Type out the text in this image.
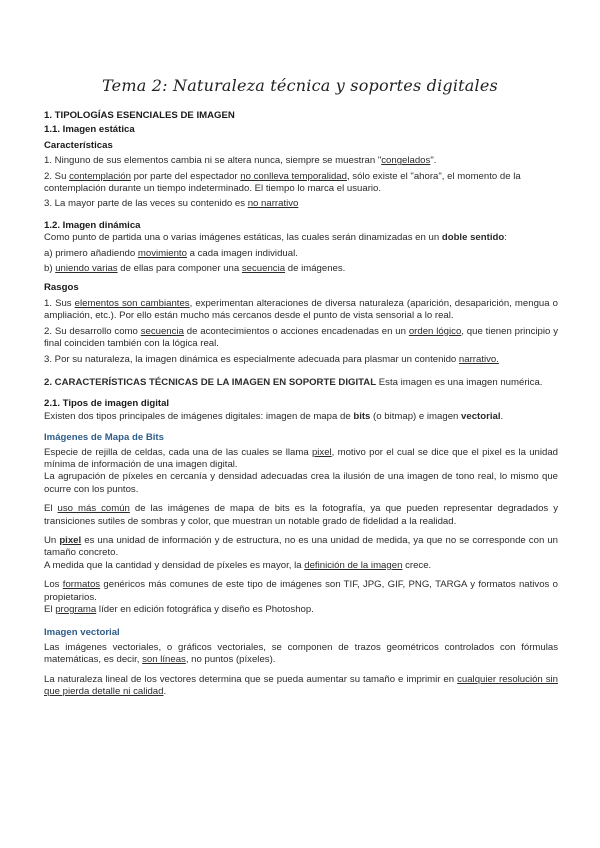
Tema 2: Naturaleza técnica y soportes digitales

1. TIPOLOGÍAS ESENCIALES DE IMAGEN

1.1. Imagen estática

Características

1. Ninguno de sus elementos cambia ni se altera nunca, siempre se muestran "congelados".

2. Su contemplación por parte del espectador no conlleva temporalidad, sólo existe el "ahora", el momento de la contemplación durante un tiempo indeterminado. El tiempo lo marca el usuario.

3. La mayor parte de las veces su contenido es no narrativo

1.2. Imagen dinámica

Como punto de partida una o varias imágenes estáticas, las cuales serán dinamizadas en un doble sentido:

a) primero añadiendo movimiento a cada imagen individual.

b) uniendo varias de ellas para componer una secuencia de imágenes.

Rasgos

1. Sus elementos son cambiantes, experimentan alteraciones de diversa naturaleza (aparición, desaparición, mengua o ampliación, etc.). Por ello están mucho más cercanos desde el punto de vista sensorial a lo real.

2. Su desarrollo como secuencia de acontecimientos o acciones encadenadas en un orden lógico, que tienen principio y final coinciden también con la lógica real.

3. Por su naturaleza, la imagen dinámica es especialmente adecuada para plasmar un contenido narrativo.

2. CARACTERÍSTICAS TÉCNICAS DE LA IMAGEN EN SOPORTE DIGITAL Esta imagen es una imagen numérica.

2.1. Tipos de imagen digital

Existen dos tipos principales de imágenes digitales: imagen de mapa de bits (o bitmap) e imagen vectorial.

Imágenes de Mapa de Bits

Especie de rejilla de celdas, cada una de las cuales se llama pixel, motivo por el cual se dice que el pixel es la unidad mínima de información de una imagen digital.

La agrupación de píxeles en cercanía y densidad adecuadas crea la ilusión de una imagen de tono real, lo mismo que ocurre con los puntos.

El uso más común de las imágenes de mapa de bits es la fotografía, ya que pueden representar degradados y transiciones sutiles de sombras y color, que muestran un notable grado de fidelidad a la realidad.

Un pixel es una unidad de información y de estructura, no es una unidad de medida, ya que no se corresponde con un tamaño concreto.

A medida que la cantidad y densidad de píxeles es mayor, la definición de la imagen crece.

Los formatos genéricos más comunes de este tipo de imágenes son TIF, JPG, GIF, PNG, TARGA y formatos nativos o propietarios.

El programa líder en edición fotográfica y diseño es Photoshop.

Imagen vectorial

Las imágenes vectoriales, o gráficos vectoriales, se componen de trazos geométricos controlados con fórmulas matemáticas, es decir, son líneas, no puntos (píxeles).

La naturaleza lineal de los vectores determina que se pueda aumentar su tamaño e imprimir en cualquier resolución sin que pierda detalle ni calidad.
